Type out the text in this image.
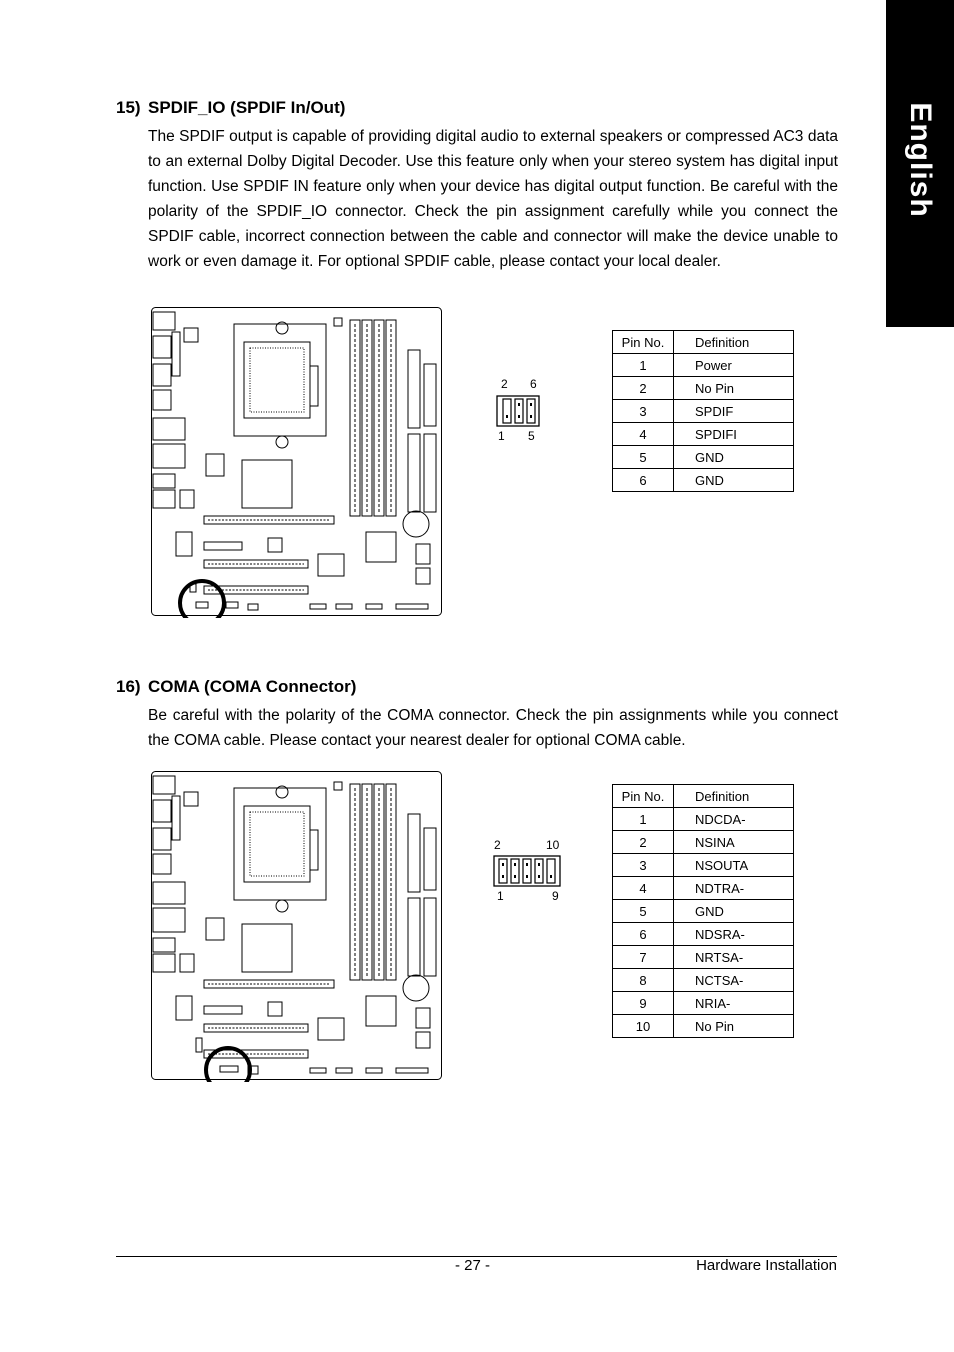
English
15) SPDIF_IO (SPDIF In/Out)

The SPDIF output is capable of providing digital audio to external speakers or compressed AC3 data to an external Dolby Digital Decoder. Use this feature only when your stereo system has digital input function. Use SPDIF IN feature only when your device has digital output function. Be careful with the polarity of the SPDIF_IO connector. Check the pin assignment carefully while you connect the SPDIF cable, incorrect connection between the cable and connector will make the device unable to work or even damage it. For optional SPDIF cable, please contact your local dealer.

2 6
1 5
Pin No.	Definition
1	Power
2	No Pin
3	SPDIF
4	SPDIFI
5	GND
6	GND
16) COMA (COMA Connector)

Be careful with the polarity of the COMA connector. Check the pin assignments while you connect the COMA cable. Please contact your nearest dealer for optional COMA cable.

2	10
1	9
Pin No.	Definition
1	NDCDA-
2	NSINA
3	NSOUTA
4	NDTRA-
5	GND
6	NDSRA-
7	NRTSA-
8	NCTSA-
9	NRIA-
10	No Pin
- 27 -	Hardware Installation
